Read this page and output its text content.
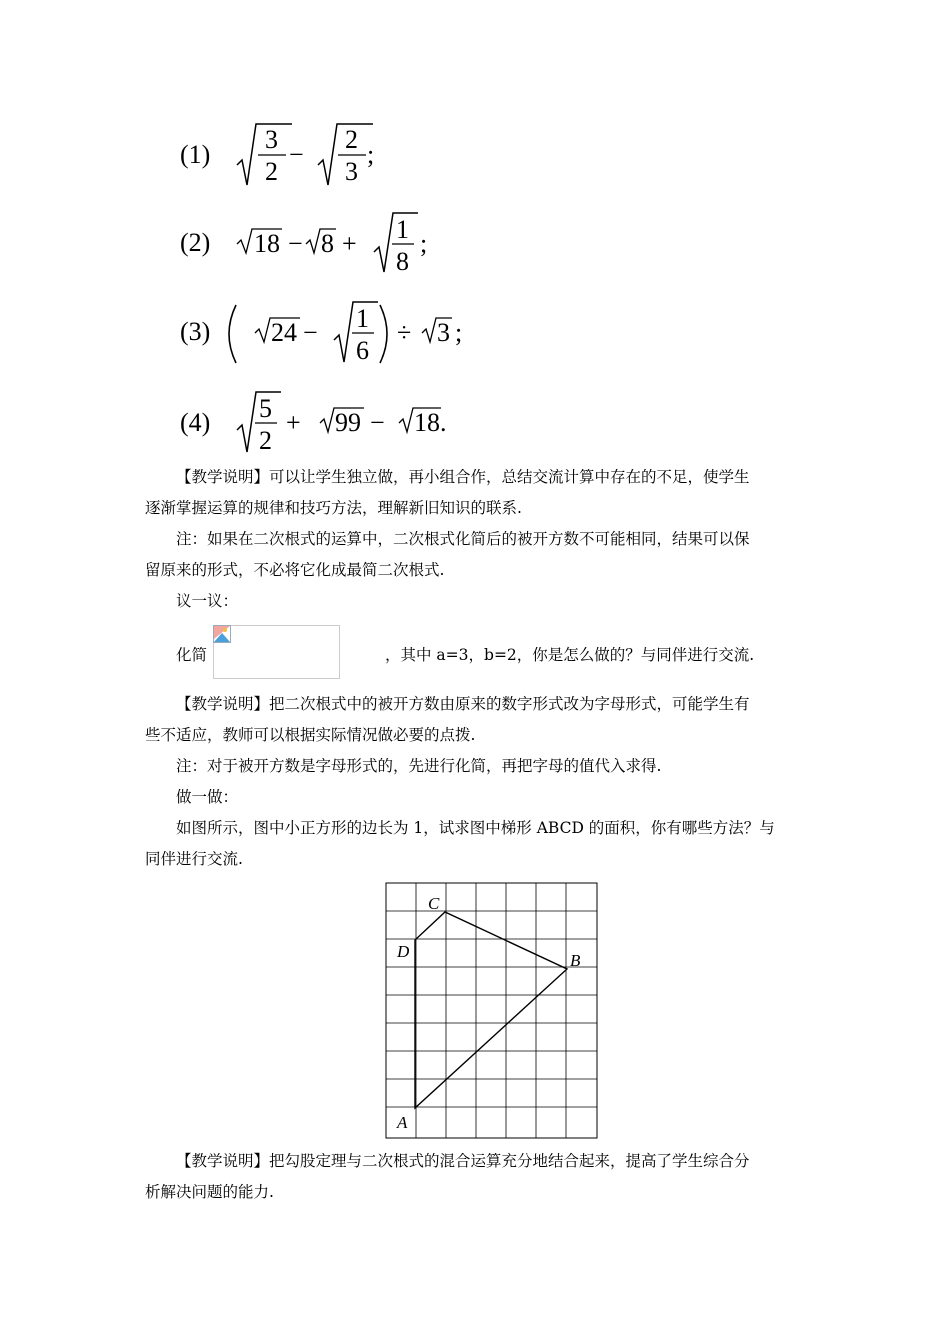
(1)
3
2
−
2
3
;
(2) 18 − 8 + 1
8
;
(3) 24 − 1
6
÷ 3 ;
(4) 5
2
+ 99 − 18 .

【教学说明】可以让学生独立做，再小组合作，总结交流计算中存在的不足，使学生

逐渐掌握运算的规律和技巧方法，理解新旧知识的联系.

注：如果在二次根式的运算中，二次根式化简后的被开方数不可能相同，结果可以保

留原来的形式，不必将它化成最简二次根式.

议一议：

化简	，其中 a=3，b=2，你是怎么做的？与同伴进行交流.

【教学说明】把二次根式中的被开方数由原来的数字形式改为字母形式，可能学生有

些不适应，教师可以根据实际情况做必要的点拨.

注：对于被开方数是字母形式的，先进行化简，再把字母的值代入求得.

做一做：

如图所示，图中小正方形的边长为 1，试求图中梯形 ABCD 的面积，你有哪些方法？与

同伴进行交流.

A
B
C
D

【教学说明】把勾股定理与二次根式的混合运算充分地结合起来，提高了学生综合分

析解决问题的能力.
